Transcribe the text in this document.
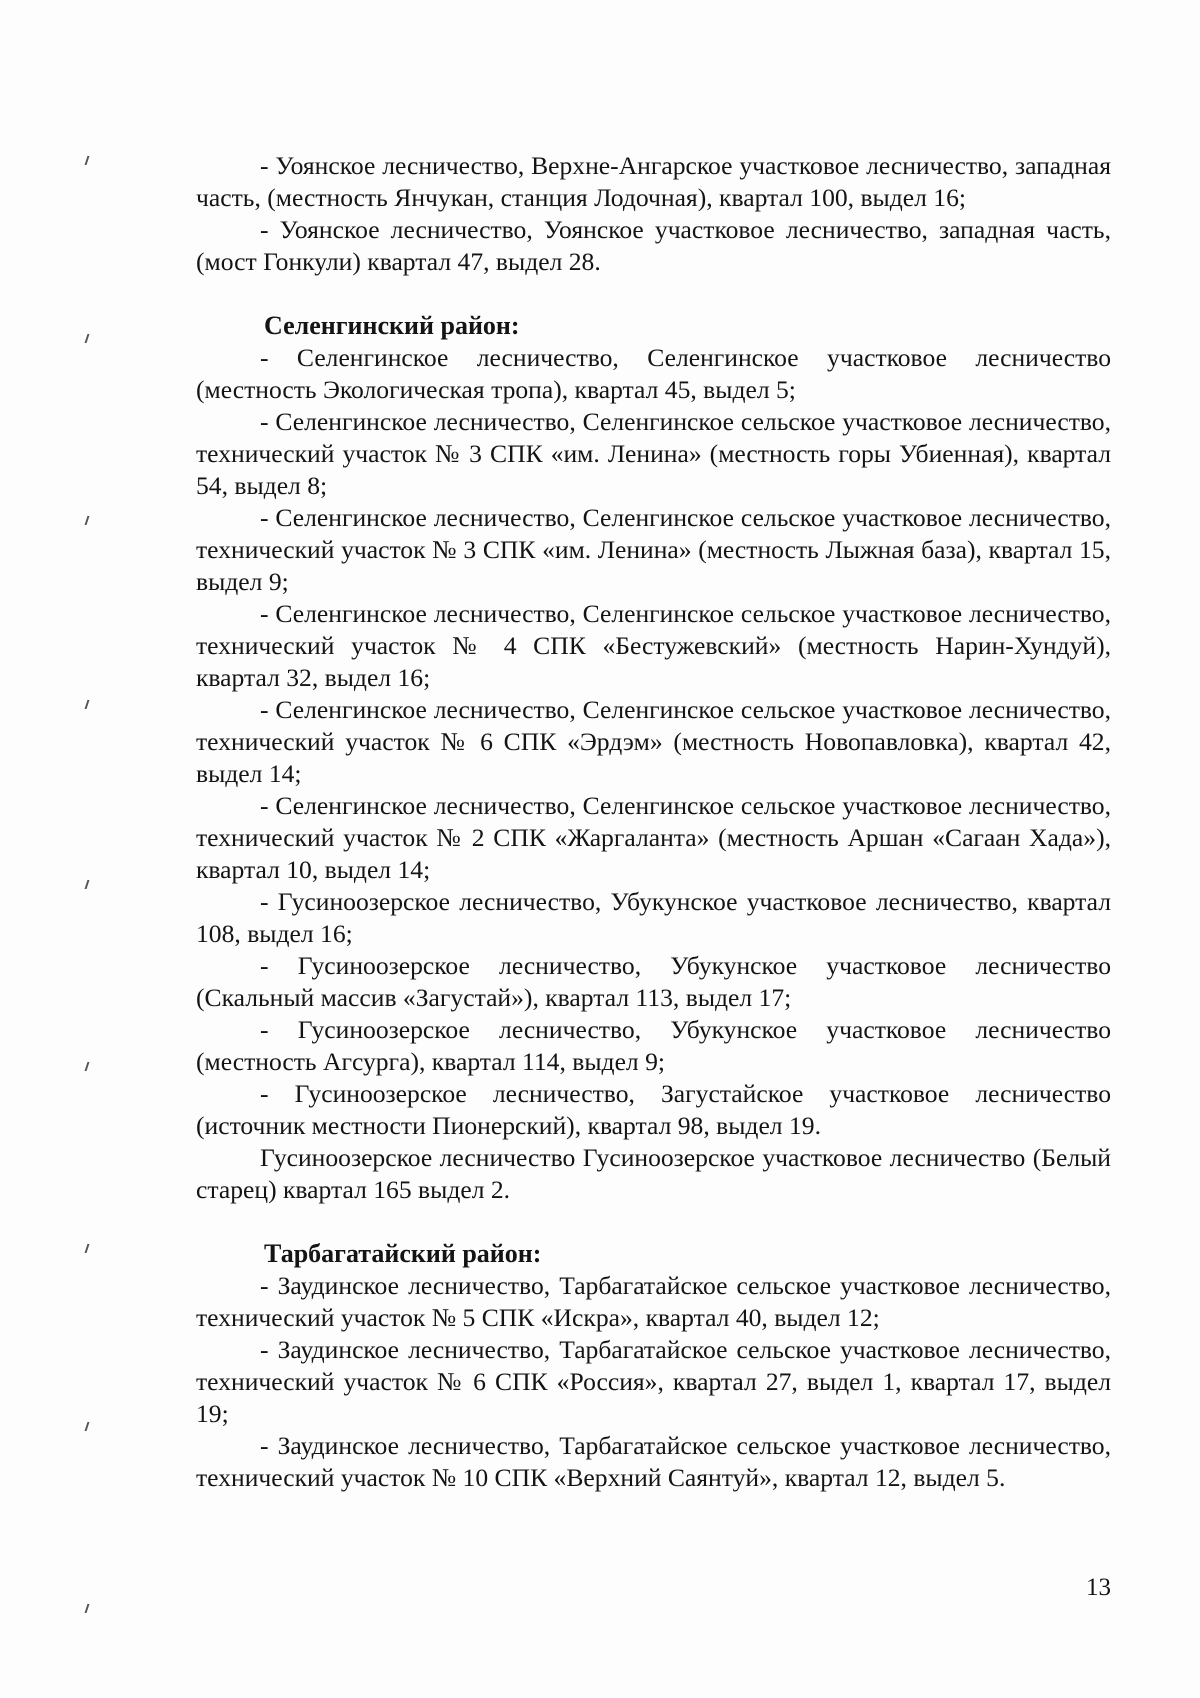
- Уоянское лесничество, Верхне-Ангарское участковое лесничество, западная часть, (местность Янчукан, станция Лодочная), квартал 100, выдел 16;

- Уоянское лесничество, Уоянское участковое лесничество, западная часть, (мост Гонкули) квартал 47, выдел 28.

Селенгинский район:

- Селенгинское лесничество, Селенгинское участковое лесничество (местность Экологическая тропа), квартал 45, выдел 5;

- Селенгинское лесничество, Селенгинское сельское участковое лесничество, технический участок № 3 СПК «им. Ленина» (местность горы Убиенная), квартал 54, выдел 8;

- Селенгинское лесничество, Селенгинское сельское участковое лесничество, технический участок № 3 СПК «им. Ленина» (местность Лыжная база), квартал 15, выдел 9;

- Селенгинское лесничество, Селенгинское сельское участковое лесничество, технический участок № 4 СПК «Бестужевский» (местность Нарин-Хундуй), квартал 32, выдел 16;

- Селенгинское лесничество, Селенгинское сельское участковое лесничество, технический участок № 6 СПК «Эрдэм» (местность Новопавловка), квартал 42, выдел 14;

- Селенгинское лесничество, Селенгинское сельское участковое лесничество, технический участок № 2 СПК «Жаргаланта» (местность Аршан «Сагаан Хада»), квартал 10, выдел 14;

- Гусиноозерское лесничество, Убукунское участковое лесничество, квартал 108, выдел 16;

- Гусиноозерское лесничество, Убукунское участковое лесничество (Скальный массив «Загустай»), квартал 113, выдел 17;

- Гусиноозерское лесничество, Убукунское участковое лесничество (местность Агсурга), квартал 114, выдел 9;

- Гусиноозерское лесничество, Загустайское участковое лесничество (источник местности Пионерский), квартал 98, выдел 19.

Гусиноозерское лесничество Гусиноозерское участковое лесничество (Белый старец) квартал 165 выдел 2.

Тарбагатайский район:

- Заудинское лесничество, Тарбагатайское сельское участковое лесничество, технический участок № 5 СПК «Искра», квартал 40, выдел 12;

- Заудинское лесничество, Тарбагатайское сельское участковое лесничество, технический участок № 6 СПК «Россия», квартал 27, выдел 1, квартал 17, выдел 19;

- Заудинское лесничество, Тарбагатайское сельское участковое лесничество, технический участок № 10 СПК «Верхний Саянтуй», квартал 12, выдел 5.

13
